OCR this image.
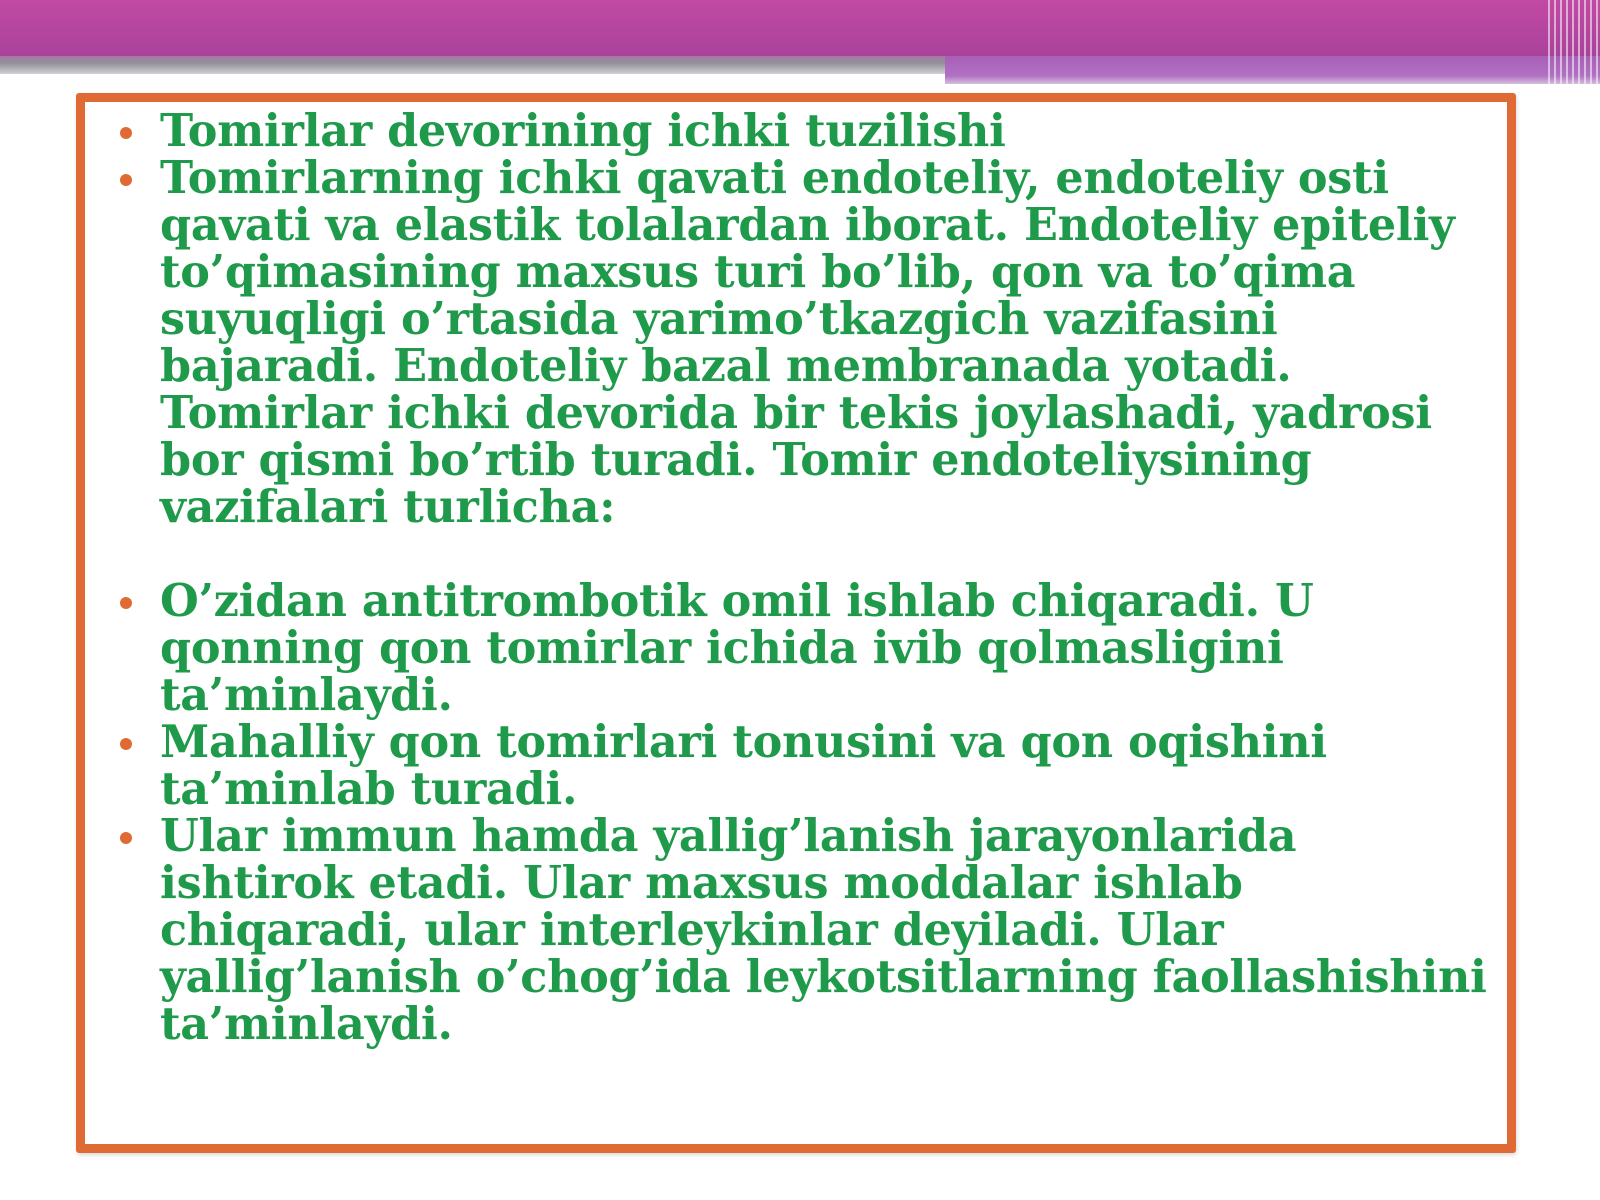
Tomirlar devorining ichki tuzilishi
Tomirlarning ichki qavati endoteliy, endoteliy osti qavati va elastik tolalardan iborat. Endoteliy epiteliy to’qimasining maxsus turi bo’lib, qon va to’qima suyuqligi o’rtasida yarimo’tkazgich vazifasini bajaradi. Endoteliy bazal membranada yotadi. Tomirlar ichki devorida bir tekis joylashadi, yadrosi bor qismi bo’rtib turadi. Tomir endoteliysining vazifalari turlicha:
O’zidan antitrombotik omil ishlab chiqaradi. U qonning qon tomirlar ichida ivib qolmasligini ta’minlaydi.
Mahalliy qon tomirlari tonusini va qon oqishini ta’minlab turadi.
Ular immun hamda yallig’lanish jarayonlarida ishtirok etadi. Ular maxsus moddalar ishlab chiqaradi, ular interleykinlar deyiladi. Ular yallig’lanish o’chog’ida leykotsitlarning faollashishini ta’minlaydi.
